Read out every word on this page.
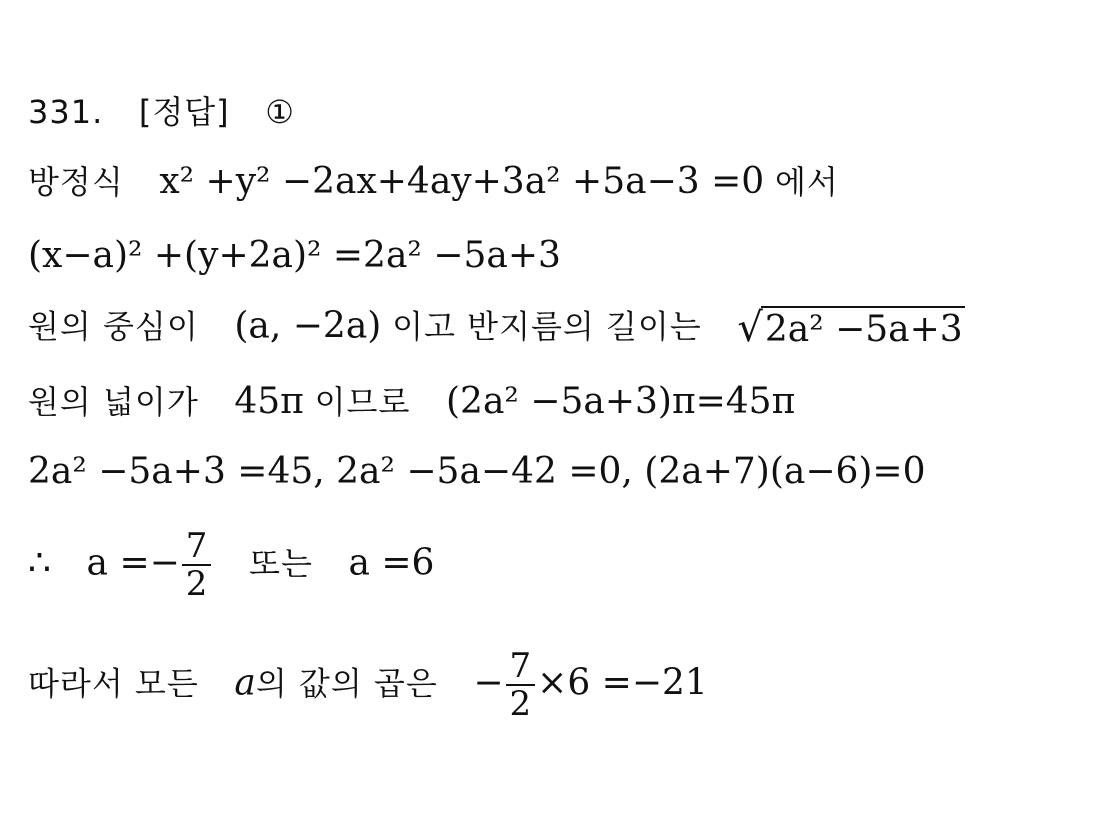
331. [정답] ①
방정식 x² +y² −2ax+4ay+3a² +5a−3 =0 에서
(x−a)² +(y+2a)² =2a² −5a+3
원의 중심이 (a, −2a) 이고 반지름의 길이는 √2a² −5a+3
원의 넓이가 45π 이므로 (2a² −5a+3)π=45π
2a² −5a+3 =45, 2a² −5a−42 =0, (2a+7)(a−6)=0
∴ $a =- \frac{7}{2}$ 또는 a =6
따라서 모든 a의 값의 곱은 − $\frac{7}{2} \times 6 =-21$
